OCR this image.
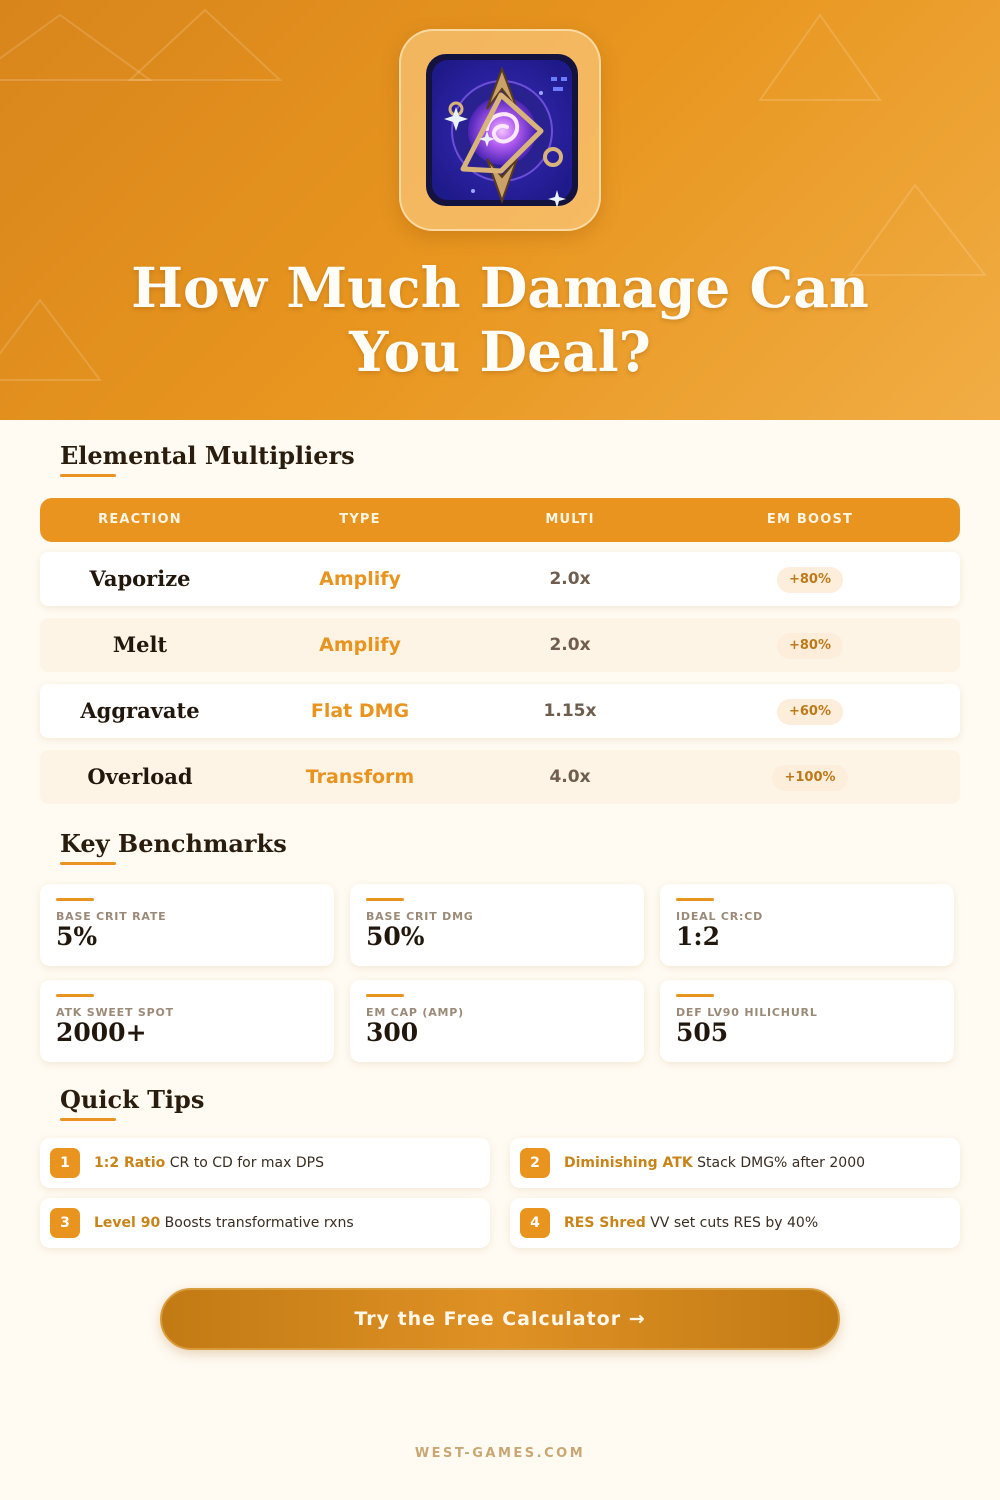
How Much Damage Can
You Deal?
Elemental Multipliers
REACTION	TYPE	MULTI	EM BOOST
Vaporize	Amplify	2.0x	+80%
Melt	Amplify	2.0x	+80%
Aggravate	Flat DMG	1.15x	+60%
Overload	Transform	4.0x	+100%
Key Benchmarks
BASE CRIT RATE
5%
BASE CRIT DMG
50%
IDEAL CR:CD
1:2
ATK SWEET SPOT
2000+
EM CAP (AMP)
300
DEF LV90 HILICHURL
505
Quick Tips
1	1:2 Ratio CR to CD for max DPS	2	Diminishing ATK Stack DMG% after 2000
3	Level 90 Boosts transformative rxns	4	RES Shred VV set cuts RES by 40%
Try the Free Calculator →
WEST-GAMES.COM
